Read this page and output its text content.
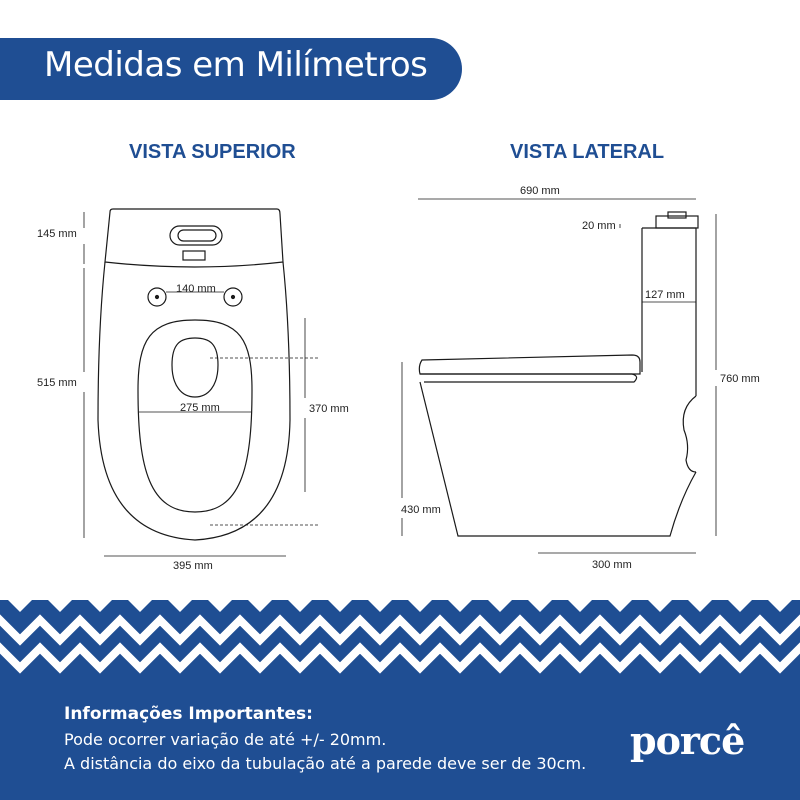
145 mm
515 mm
140 mm
275 mm	370 mm
395 mm
690 mm
20 mm
127 mm
760 mm
430 mm
300 mm
Medidas em Milímetros
VISTA SUPERIOR	VISTA LATERAL
Informações Importantes:
Pode ocorrer variação de até +/- 20mm.
A distância do eixo da tubulação até a parede deve ser de 30cm.
porcê
